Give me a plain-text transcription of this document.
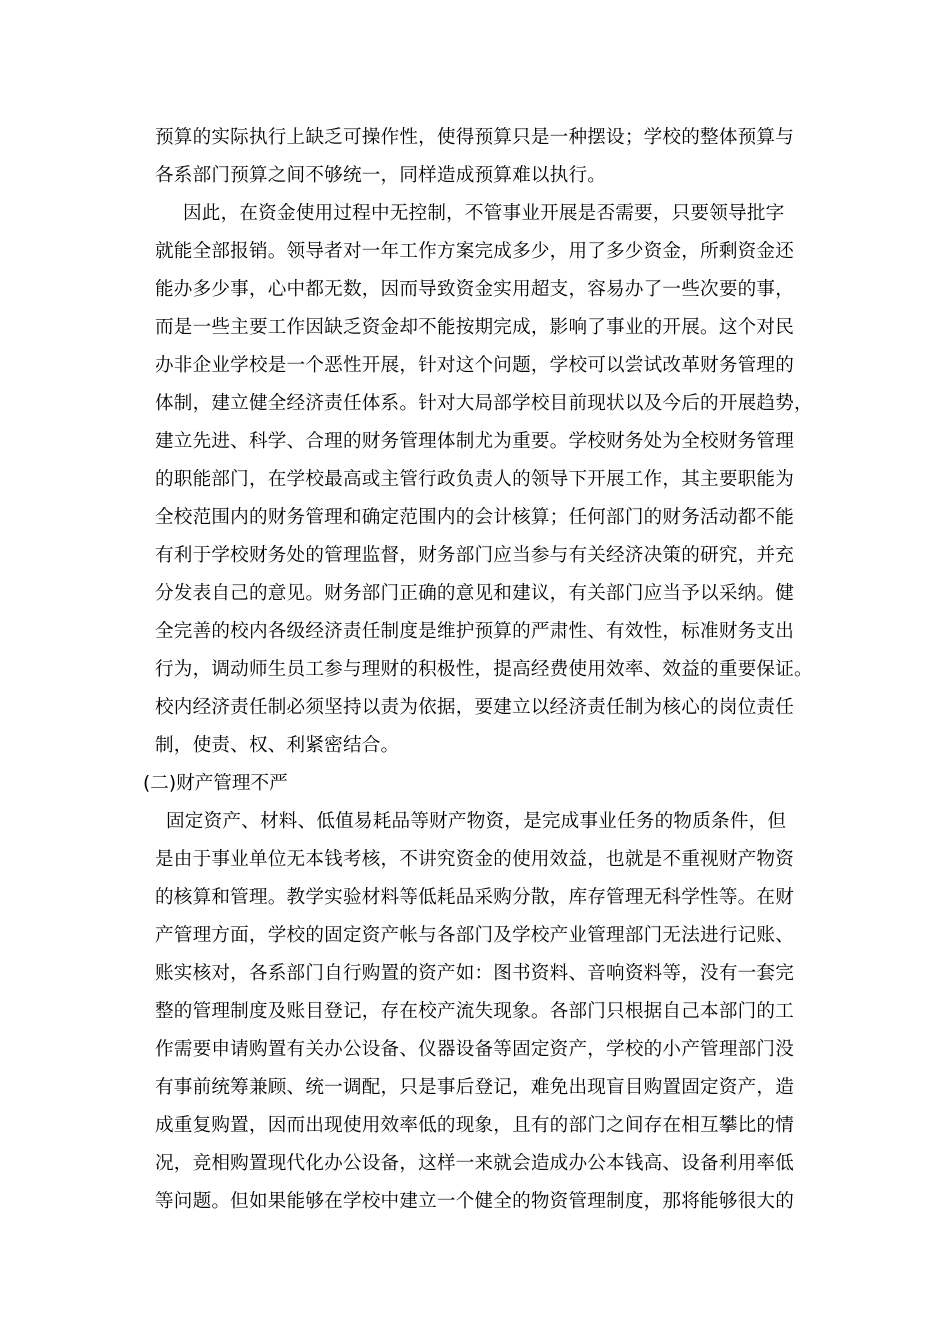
预算的实际执行上缺乏可操作性，使得预算只是一种摆设；学校的整体预算与
各系部门预算之间不够统一，同样造成预算难以执行。
因此，在资金使用过程中无控制，不管事业开展是否需要，只要领导批字
就能全部报销。领导者对一年工作方案完成多少，用了多少资金，所剩资金还
能办多少事，心中都无数，因而导致资金实用超支，容易办了一些次要的事，
而是一些主要工作因缺乏资金却不能按期完成，影响了事业的开展。这个对民
办非企业学校是一个恶性开展，针对这个问题，学校可以尝试改革财务管理的
体制，建立健全经济责任体系。针对大局部学校目前现状以及今后的开展趋势，
建立先进、科学、合理的财务管理体制尤为重要。学校财务处为全校财务管理
的职能部门，在学校最高或主管行政负责人的领导下开展工作，其主要职能为
全校范围内的财务管理和确定范围内的会计核算；任何部门的财务活动都不能
有利于学校财务处的管理监督，财务部门应当参与有关经济决策的研究，并充
分发表自己的意见。财务部门正确的意见和建议，有关部门应当予以采纳。健
全完善的校内各级经济责任制度是维护预算的严肃性、有效性，标准财务支出
行为，调动师生员工参与理财的积极性，提高经费使用效率、效益的重要保证。
校内经济责任制必须坚持以责为依据，要建立以经济责任制为核心的岗位责任
制，使责、权、利紧密结合。
(二)财产管理不严
固定资产、材料、低值易耗品等财产物资，是完成事业任务的物质条件，但
是由于事业单位无本钱考核，不讲究资金的使用效益，也就是不重视财产物资
的核算和管理。教学实验材料等低耗品采购分散，库存管理无科学性等。在财
产管理方面，学校的固定资产帐与各部门及学校产业管理部门无法进行记账、
账实核对，各系部门自行购置的资产如：图书资料、音响资料等，没有一套完
整的管理制度及账目登记，存在校产流失现象。各部门只根据自己本部门的工
作需要申请购置有关办公设备、仪器设备等固定资产，学校的小产管理部门没
有事前统筹兼顾、统一调配，只是事后登记，难免出现盲目购置固定资产，造
成重复购置，因而出现使用效率低的现象，且有的部门之间存在相互攀比的情
况，竞相购置现代化办公设备，这样一来就会造成办公本钱高、设备利用率低
等问题。但如果能够在学校中建立一个健全的物资管理制度，那将能够很大的
